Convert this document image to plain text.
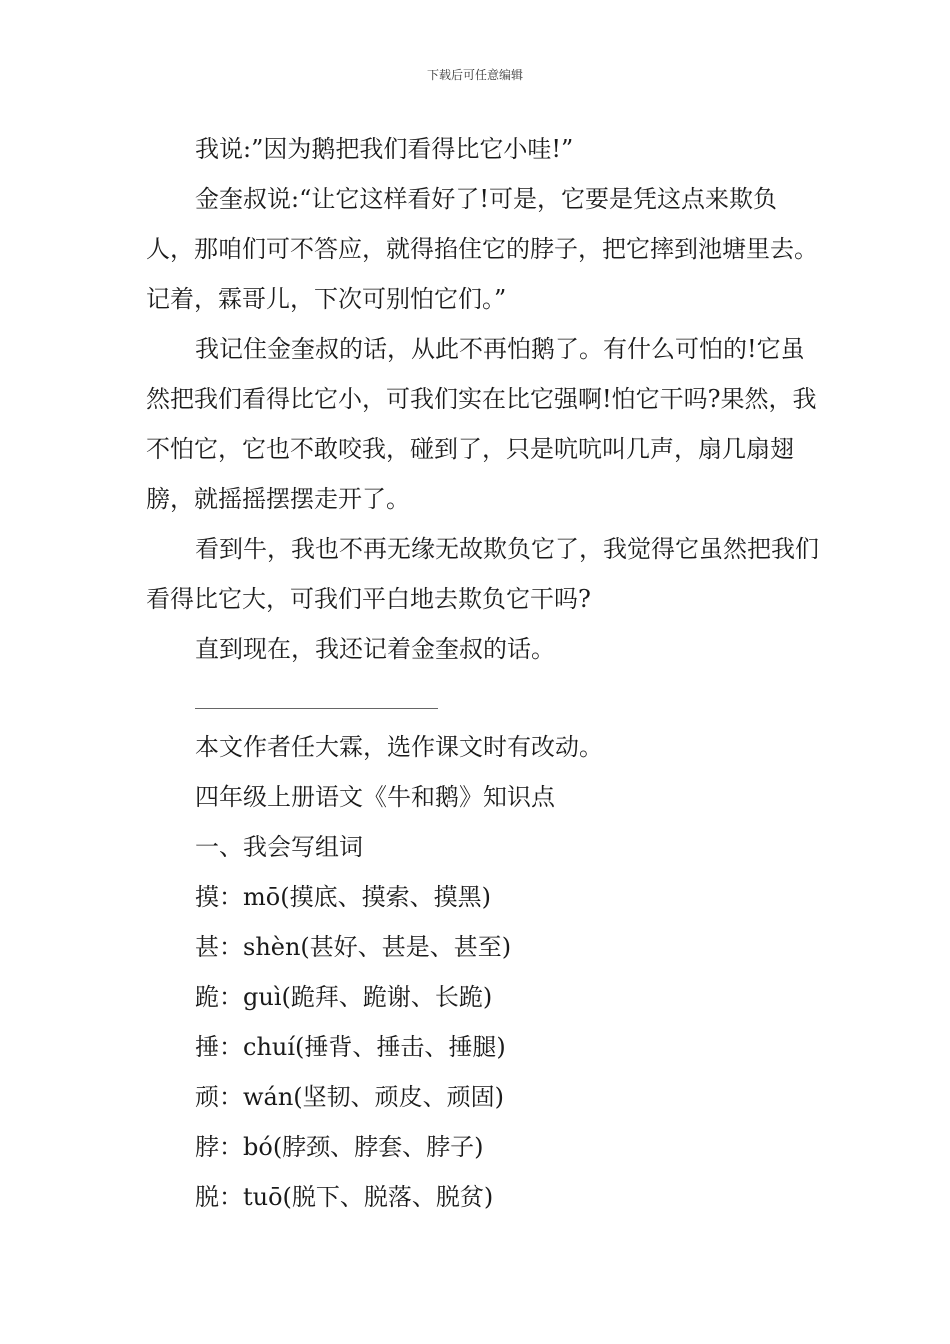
下载后可任意编辑

我说:”因为鹅把我们看得比它小哇!”

金奎叔说:“让它这样看好了!可是，它要是凭这点来欺负人，那咱们可不答应，就得掐住它的脖子，把它摔到池塘里去。记着，霖哥儿，下次可别怕它们。”

我记住金奎叔的话，从此不再怕鹅了。有什么可怕的!它虽然把我们看得比它小，可我们实在比它强啊!怕它干吗?果然，我不怕它，它也不敢咬我，碰到了，只是吭吭叫几声，扇几扇翅膀，就摇摇摆摆走开了。

看到牛，我也不再无缘无故欺负它了，我觉得它虽然把我们看得比它大，可我们平白地去欺负它干吗?

直到现在，我还记着金奎叔的话。

本文作者任大霖，选作课文时有改动。

四年级上册语文《牛和鹅》知识点

一、我会写组词

摸：mō(摸底、摸索、摸黑)

甚：shèn(甚好、甚是、甚至)

跪：guì(跪拜、跪谢、长跪)

捶：chuí(捶背、捶击、捶腿)

顽：wán(坚韧、顽皮、顽固)

脖：bó(脖颈、脖套、脖子)

脱：tuō(脱下、脱落、脱贫)
